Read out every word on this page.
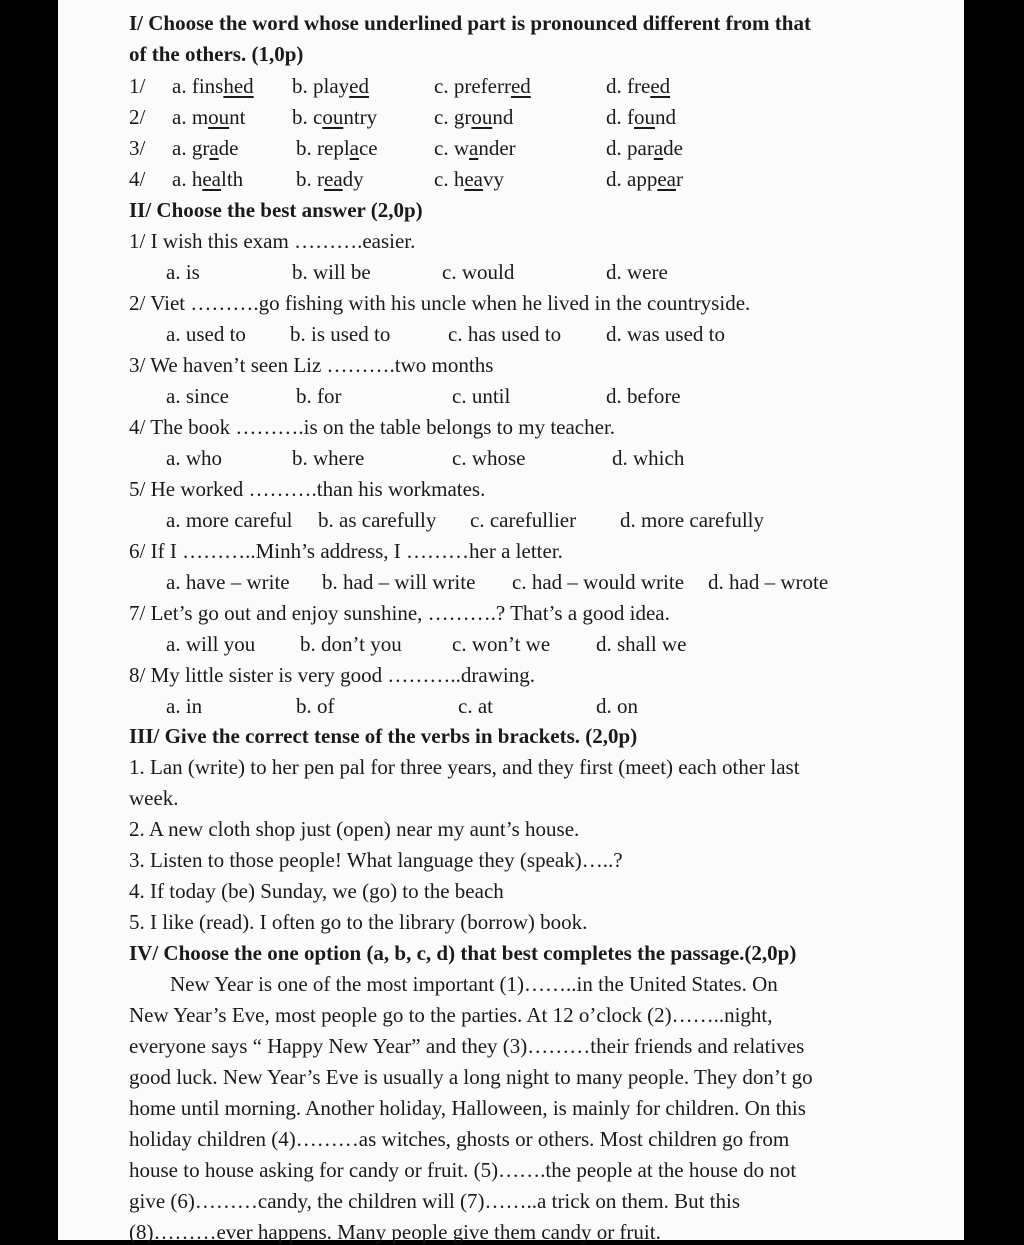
I/ Choose the word whose underlined part is pronounced different from that
of the others. (1,0p)
1/ a. finshed b. played	c. preferred	d. freed
2/ a. mount b. country	c. ground	d. found
3/ a. grade	b. replace	c. wander	d. parade
4/ a. health	b. ready	c. heavy	d. appear
II/ Choose the best answer (2,0p)
1/ I wish this exam ……….easier.
a. is	b. will be	c. would	d. were
2/ Viet ……….go fishing with his uncle when he lived in the countryside.
a. used to b. is used to	c. has used to d. was used to
3/ We haven’t seen Liz ……….two months
a. since	b. for	c. until	d. before
4/ The book ……….is on the table belongs to my teacher.
a. who	b. where	c. whose	d. which
5/ He worked ……….than his workmates.
a. more careful b. as carefully c. carefullier d. more carefully
6/ If I ………..Minh’s address, I ………her a letter.
a. have – write b. had – will write c. had – would write d. had – wrote
7/ Let’s go out and enjoy sunshine, ……….? That’s a good idea.
a. will you b. don’t you c. won’t we d. shall we
8/ My little sister is very good ………..drawing.
a. in	b. of	c. at	d. on
III/ Give the correct tense of the verbs in brackets. (2,0p)
1. Lan (write) to her pen pal for three years, and they first (meet) each other last
week.
2. A new cloth shop just (open) near my aunt’s house.
3. Listen to those people! What language they (speak)…..?
4. If today (be) Sunday, we (go) to the beach
5. I like (read). I often go to the library (borrow) book.
IV/ Choose the one option (a, b, c, d) that best completes the passage.(2,0p)
New Year is one of the most important (1)……..in the United States. On
New Year’s Eve, most people go to the parties. At 12 o’clock (2)……..night,
everyone says “ Happy New Year” and they (3)………their friends and relatives
good luck. New Year’s Eve is usually a long night to many people. They don’t go
home until morning. Another holiday, Halloween, is mainly for children. On this
holiday children (4)………as witches, ghosts or others. Most children go from
house to house asking for candy or fruit. (5)…….the people at the house do not
give (6)………candy, the children will (7)……..a trick on them. But this
(8)………ever happens. Many people give them candy or fruit.
